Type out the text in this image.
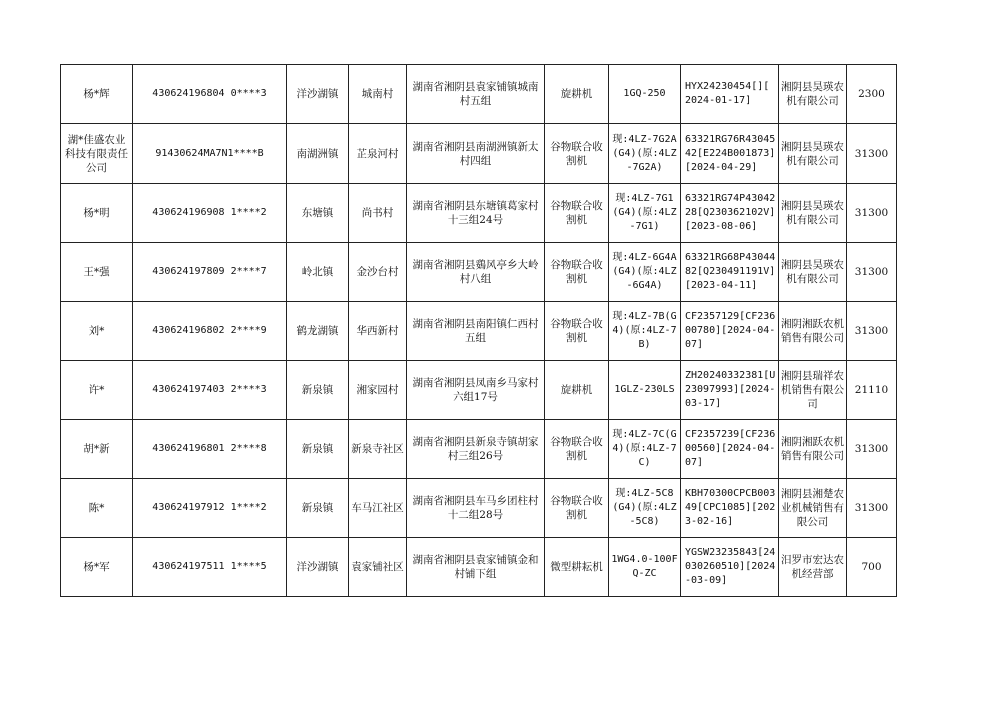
杨*辉	430624196804 0****3	洋沙湖镇	城南村	湖南省湘阴县袁家铺镇城南村五组	旋耕机	1GQ-250	HYX24230454[][ 2024-01-17]	湘阴县昊瑛农机有限公司	2300
湖*佳盛农业科技有限责任公司	91430624MA7N1****B	南湖洲镇	芷泉河村	湖南省湘阴县南湖洲镇新太村四组	谷物联合收割机	现:4LZ-7G2A(G4)(原:4LZ-7G2A)	63321RG76R4304542[E224B001873][2024-04-29]	湘阴县昊瑛农机有限公司	31300
杨*明	430624196908 1****2	东塘镇	尚书村	湖南省湘阴县东塘镇葛家村十三组24号	谷物联合收割机	现:4LZ-7G1(G4)(原:4LZ-7G1)	63321RG74P4304228[Q230362102V][2023-08-06]	湘阴县昊瑛农机有限公司	31300
王*强	430624197809 2****7	岭北镇	金沙台村	湖南省湘阴县鵎风亭乡大岭村八组	谷物联合收割机	现:4LZ-6G4A(G4)(原:4LZ-6G4A)	63321RG68P4304482[Q230491191V][2023-04-11]	湘阴县昊瑛农机有限公司	31300
刘*	430624196802 2****9	鹤龙湖镇	华西新村	湖南省湘阴县南阳镇仁西村五组	谷物联合收割机	现:4LZ-7B(G4)(原:4LZ-7B)	CF2357129[CF23600780][2024-04-07]	湘阴湘跃农机销售有限公司	31300
许*	430624197403 2****3	新泉镇	湘家园村	湖南省湘阴县凤南乡马家村六组17号	旋耕机	1GLZ-230LS	ZH20240332381[U23097993][2024-03-17]	湘阴县瑞祥农机销售有限公司	21110
胡*新	430624196801 2****8	新泉镇	新泉寺社区	湖南省湘阴县新泉寺镇胡家村三组26号	谷物联合收割机	现:4LZ-7C(G4)(原:4LZ-7C)	CF2357239[CF23600560][2024-04-07]	湘阴湘跃农机销售有限公司	31300
陈*	430624197912 1****2	新泉镇	车马江社区	湖南省湘阴县车马乡团柱村十二组28号	谷物联合收割机	现:4LZ-5C8(G4)(原:4LZ-5C8)	KBH70300CPCB00349[CPC1085][2023-02-16]	湘阴县湘楚农业机械销售有限公司	31300
杨*军	430624197511 1****5	洋沙湖镇	袁家铺社区	湖南省湘阴县袁家铺镇金和村铺下组	微型耕耘机	1WG4.0-100FQ-ZC	YGSW23235843[24030260510][2024-03-09]	汨罗市宏达农机经营部	700
